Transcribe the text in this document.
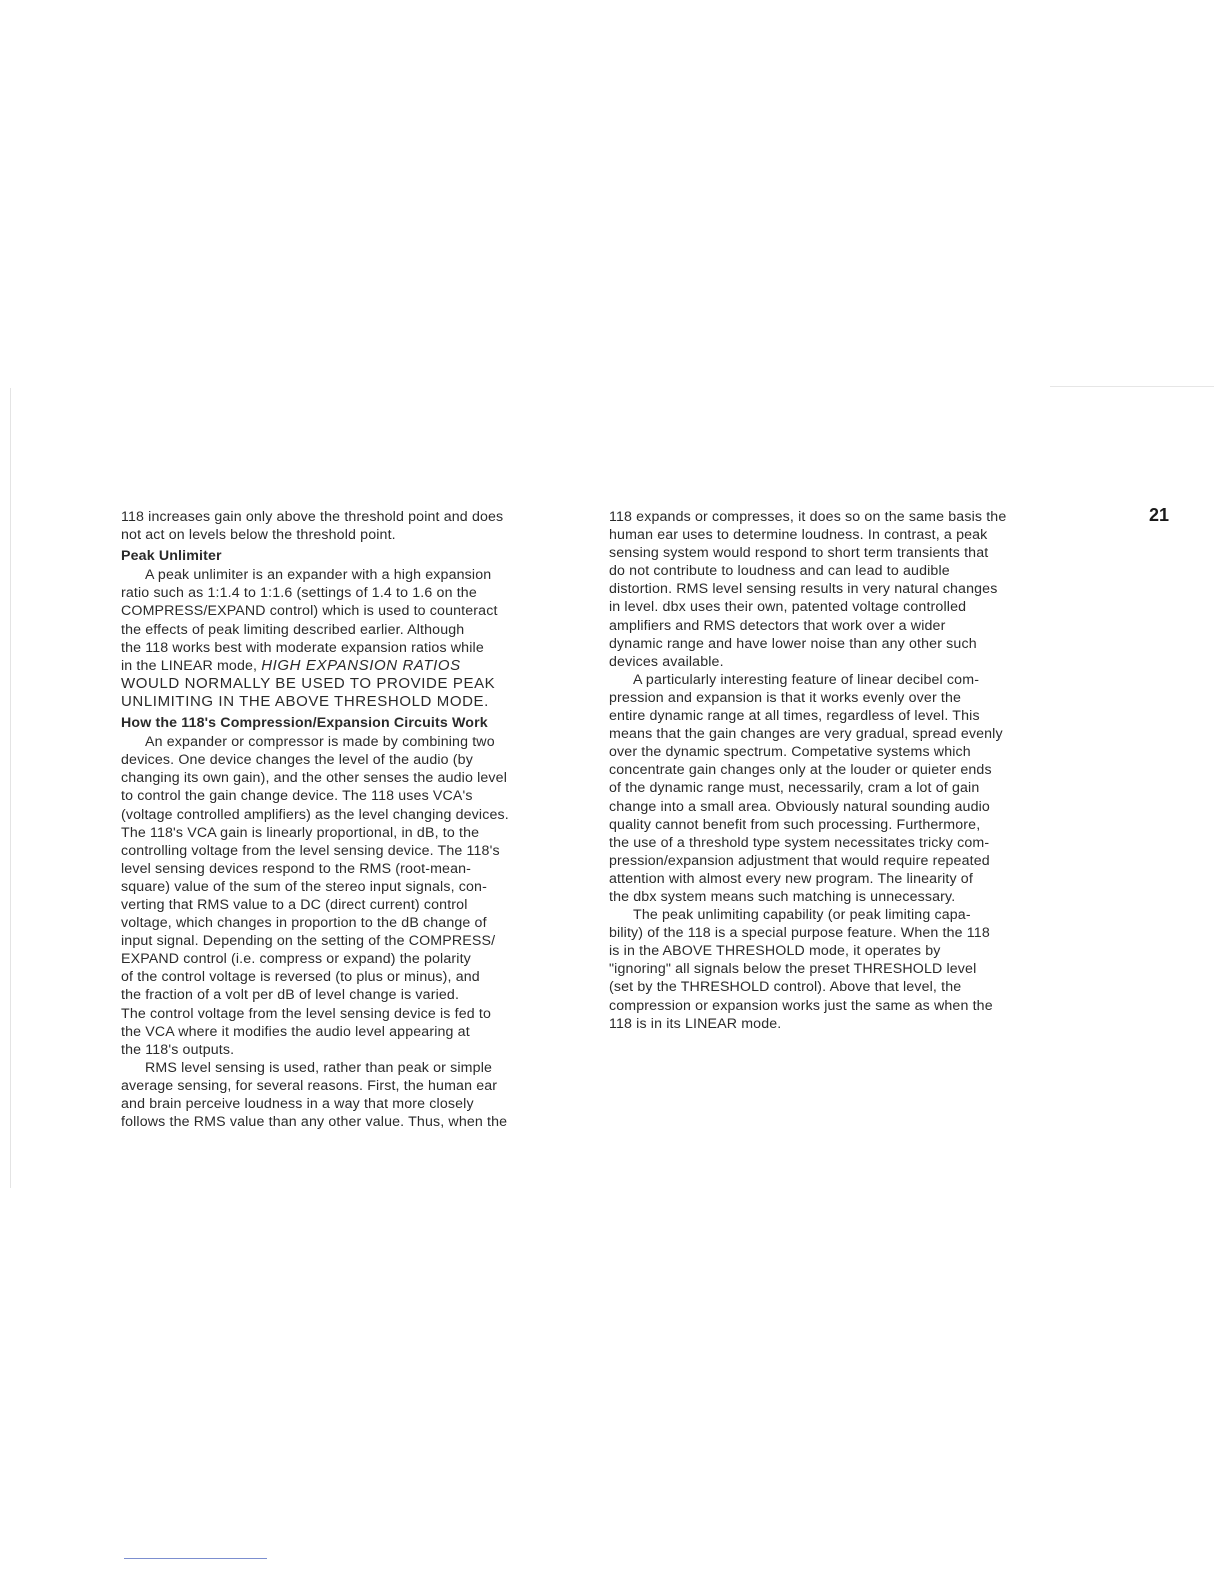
118 increases gain only above the threshold point and does
not act on levels below the threshold point.

Peak Unlimiter

A peak unlimiter is an expander with a high expansion
ratio such as 1:1.4 to 1:1.6 (settings of 1.4 to 1.6 on the
COMPRESS/EXPAND control) which is used to counteract
the effects of peak limiting described earlier. Although
the 118 works best with moderate expansion ratios while
in the LINEAR mode, HIGH EXPANSION RATIOS
WOULD NORMALLY BE USED TO PROVIDE PEAK
UNLIMITING IN THE ABOVE THRESHOLD MODE.

How the 118's Compression/Expansion Circuits Work

An expander or compressor is made by combining two
devices. One device changes the level of the audio (by
changing its own gain), and the other senses the audio level
to control the gain change device. The 118 uses VCA's
(voltage controlled amplifiers) as the level changing devices.
The 118's VCA gain is linearly proportional, in dB, to the
controlling voltage from the level sensing device. The 118's
level sensing devices respond to the RMS (root-mean-
square) value of the sum of the stereo input signals, con-
verting that RMS value to a DC (direct current) control
voltage, which changes in proportion to the dB change of
input signal. Depending on the setting of the COMPRESS/
EXPAND control (i.e. compress or expand) the polarity
of the control voltage is reversed (to plus or minus), and
the fraction of a volt per dB of level change is varied.
The control voltage from the level sensing device is fed to
the VCA where it modifies the audio level appearing at
the 118's outputs.

RMS level sensing is used, rather than peak or simple
average sensing, for several reasons. First, the human ear
and brain perceive loudness in a way that more closely
follows the RMS value than any other value. Thus, when the

118 expands or compresses, it does so on the same basis the
human ear uses to determine loudness. In contrast, a peak
sensing system would respond to short term transients that
do not contribute to loudness and can lead to audible
distortion. RMS level sensing results in very natural changes
in level. dbx uses their own, patented voltage controlled
amplifiers and RMS detectors that work over a wider
dynamic range and have lower noise than any other such
devices available.

A particularly interesting feature of linear decibel com-
pression and expansion is that it works evenly over the
entire dynamic range at all times, regardless of level. This
means that the gain changes are very gradual, spread evenly
over the dynamic spectrum. Competative systems which
concentrate gain changes only at the louder or quieter ends
of the dynamic range must, necessarily, cram a lot of gain
change into a small area. Obviously natural sounding audio
quality cannot benefit from such processing. Furthermore,
the use of a threshold type system necessitates tricky com-
pression/expansion adjustment that would require repeated
attention with almost every new program. The linearity of
the dbx system means such matching is unnecessary.

The peak unlimiting capability (or peak limiting capa-
bility) of the 118 is a special purpose feature. When the 118
is in the ABOVE THRESHOLD mode, it operates by
"ignoring" all signals below the preset THRESHOLD level
(set by the THRESHOLD control). Above that level, the
compression or expansion works just the same as when the
118 is in its LINEAR mode.

21
